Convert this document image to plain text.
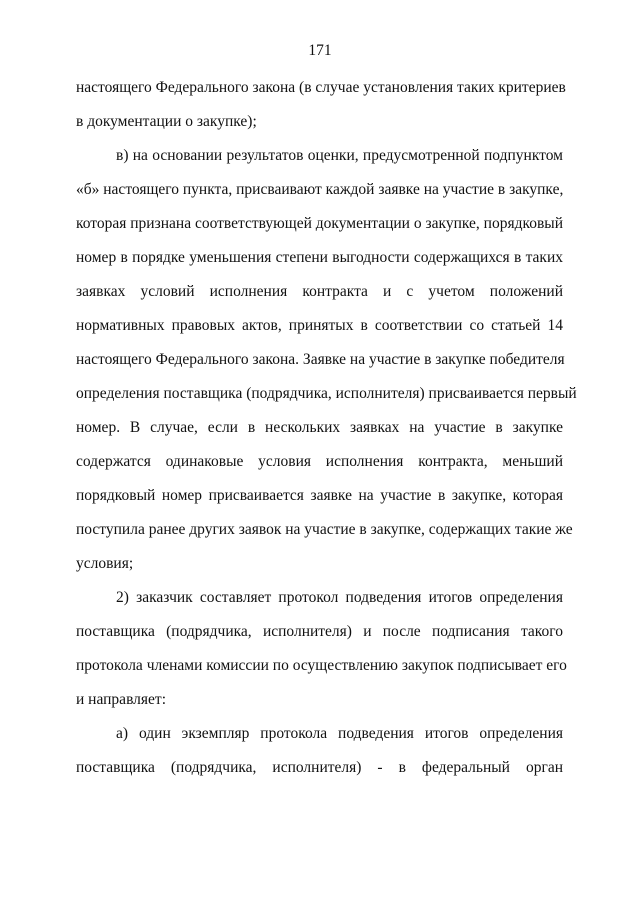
171
настоящего Федерального закона (в случае установления таких критериев
в документации о закупке);
в) на основании результатов оценки, предусмотренной подпунктом
«б» настоящего пункта, присваивают каждой заявке на участие в закупке,
которая признана соответствующей документации о закупке, порядковый
номер в порядке уменьшения степени выгодности содержащихся в таких
заявках условий исполнения контракта и с учетом положений
нормативных правовых актов, принятых в соответствии со статьей 14
настоящего Федерального закона. Заявке на участие в закупке победителя
определения поставщика (подрядчика, исполнителя) присваивается первый
номер. В случае, если в нескольких заявках на участие в закупке
содержатся одинаковые условия исполнения контракта, меньший
порядковый номер присваивается заявке на участие в закупке, которая
поступила ранее других заявок на участие в закупке, содержащих такие же
условия;
2) заказчик составляет протокол подведения итогов определения
поставщика (подрядчика, исполнителя) и после подписания такого
протокола членами комиссии по осуществлению закупок подписывает его
и направляет:
а) один экземпляр протокола подведения итогов определения
поставщика (подрядчика, исполнителя) - в федеральный орган
